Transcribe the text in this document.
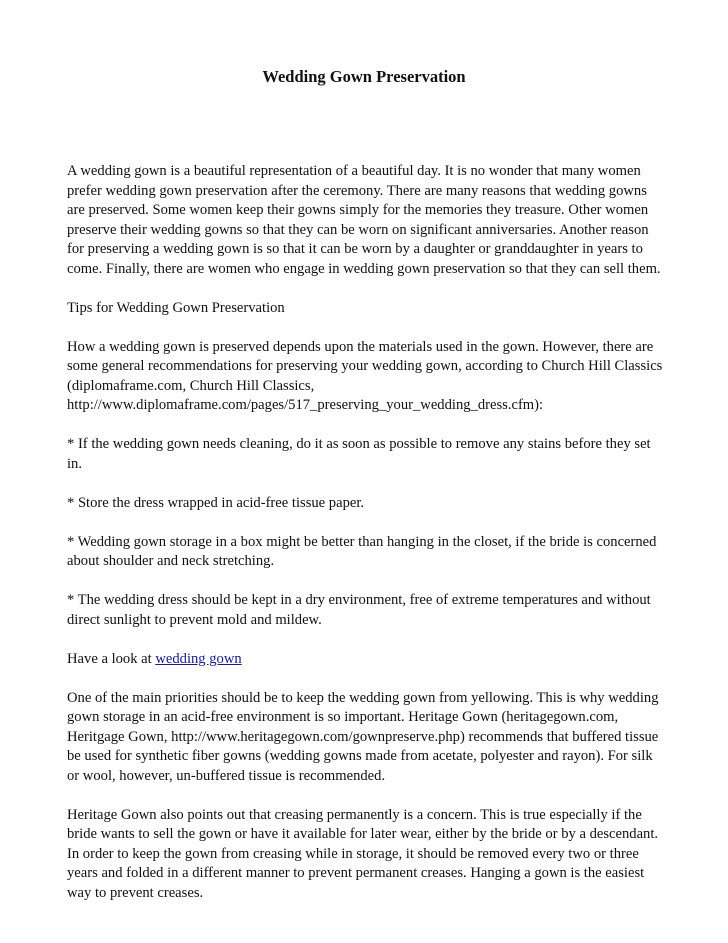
Wedding Gown Preservation

A wedding gown is a beautiful representation of a beautiful day. It is no wonder that many women prefer wedding gown preservation after the ceremony. There are many reasons that wedding gowns are preserved. Some women keep their gowns simply for the memories they treasure. Other women preserve their wedding gowns so that they can be worn on significant anniversaries. Another reason for preserving a wedding gown is so that it can be worn by a daughter or granddaughter in years to come. Finally, there are women who engage in wedding gown preservation so that they can sell them.

Tips for Wedding Gown Preservation

How a wedding gown is preserved depends upon the materials used in the gown. However, there are some general recommendations for preserving your wedding gown, according to Church Hill Classics (diplomaframe.com, Church Hill Classics, http://www.diplomaframe.com/pages/517_preserving_your_wedding_dress.cfm):

* If the wedding gown needs cleaning, do it as soon as possible to remove any stains before they set in.

* Store the dress wrapped in acid-free tissue paper.

* Wedding gown storage in a box might be better than hanging in the closet, if the bride is concerned about shoulder and neck stretching.

* The wedding dress should be kept in a dry environment, free of extreme temperatures and without direct sunlight to prevent mold and mildew.

Have a look at wedding gown

One of the main priorities should be to keep the wedding gown from yellowing. This is why wedding gown storage in an acid-free environment is so important. Heritage Gown (heritagegown.com, Heritgage Gown, http://www.heritagegown.com/gownpreserve.php) recommends that buffered tissue be used for synthetic fiber gowns (wedding gowns made from acetate, polyester and rayon). For silk or wool, however, un-buffered tissue is recommended.

Heritage Gown also points out that creasing permanently is a concern. This is true especially if the bride wants to sell the gown or have it available for later wear, either by the bride or by a descendant. In order to keep the gown from creasing while in storage, it should be removed every two or three years and folded in a different manner to prevent permanent creases. Hanging a gown is the easiest way to prevent creases.
